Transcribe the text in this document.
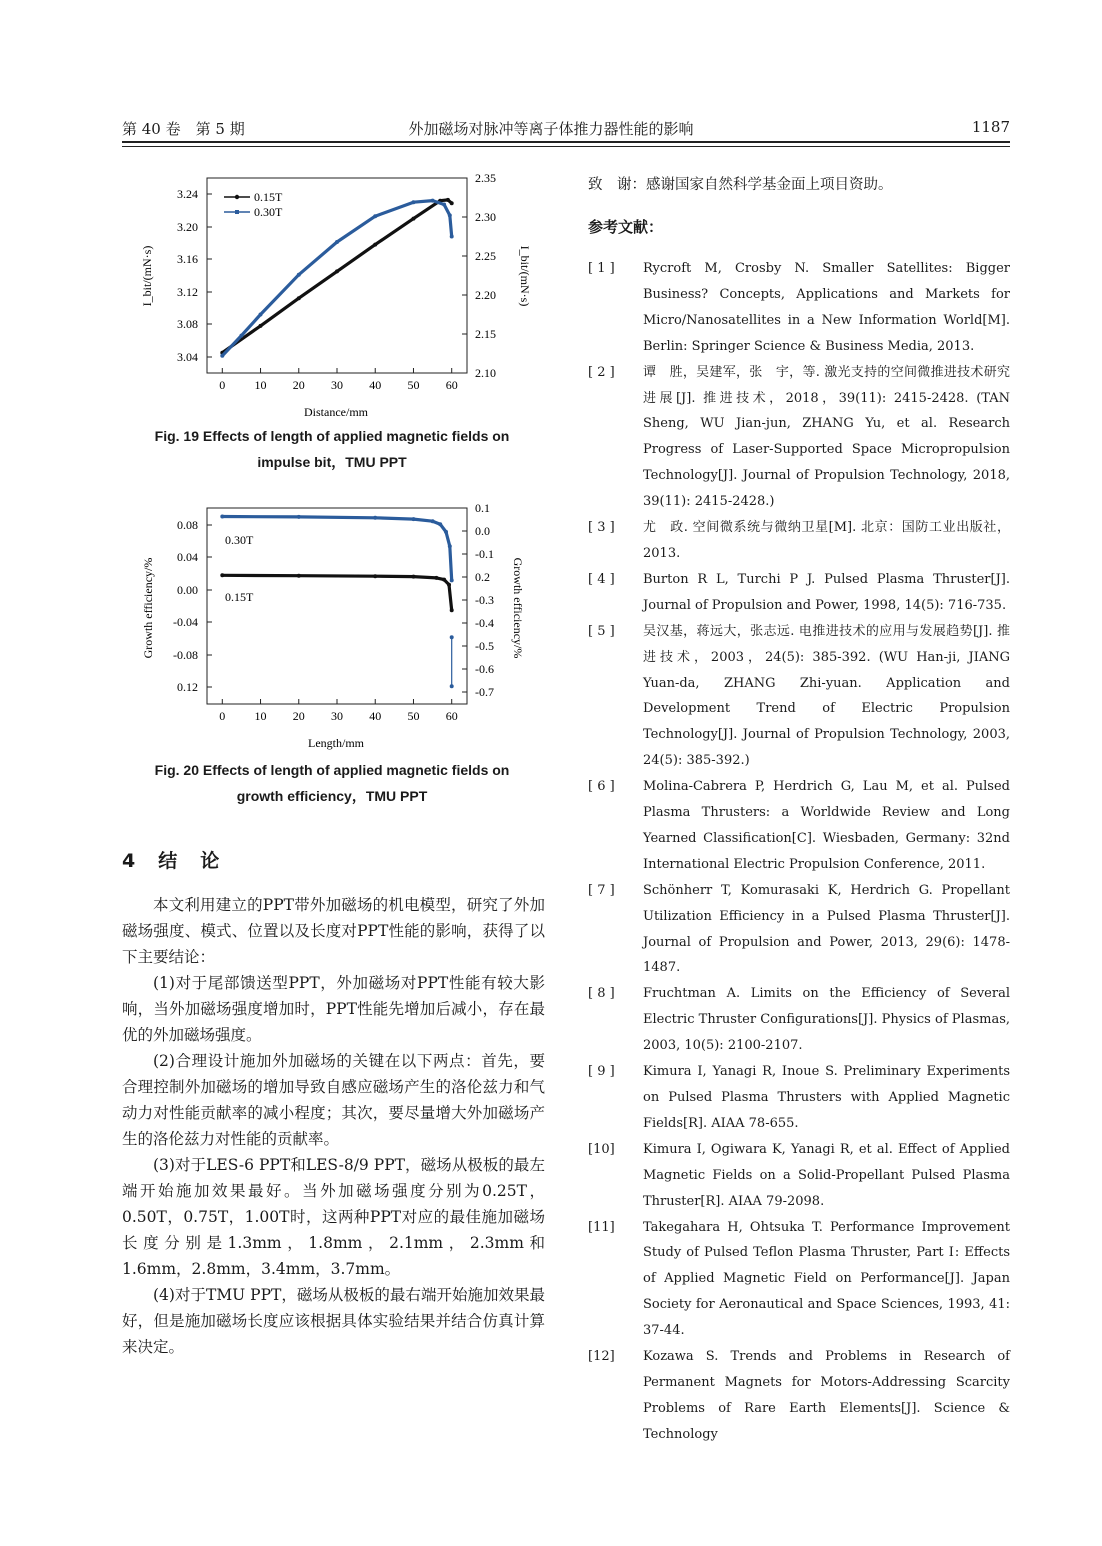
第 40 卷　第 5 期	外加磁场对脉冲等离子体推力器性能的影响	1187
0 10 20 30 40 50 60
3.04
3.08
3.12
3.16
3.20
3.24
2.10
2.15
2.20
2.25
2.30
2.35
Distance/mm
I_bit/(mN·s)	I_bit/(mN·s)
0.15T
0.30T
Fig. 19 Effects of length of applied magnetic fields on
impulse bit，TMU PPT
0 10 20 30 40 50 60
0.08
0.04
0.00
-0.04
-0.08
0.12
0.1
0.0
-0.1
0.2
-0.3
-0.4
-0.5
-0.6
-0.7
0.30T
0.15T
Length/mm
Growth efficiency/%	Growth efficiency/%
Fig. 20 Effects of length of applied magnetic fields on
growth efficiency，TMU PPT
4　结　论

本文利用建立的PPT带外加磁场的机电模型，研究了外加磁场强度、模式、位置以及长度对PPT性能的影响，获得了以下主要结论：

(1)对于尾部馈送型PPT，外加磁场对PPT性能有较大影响，当外加磁场强度增加时，PPT性能先增加后减小，存在最优的外加磁场强度。

(2)合理设计施加外加磁场的关键在以下两点：首先，要合理控制外加磁场的增加导致自感应磁场产生的洛伦兹力和气动力对性能贡献率的减小程度；其次，要尽量增大外加磁场产生的洛伦兹力对性能的贡献率。

(3)对于LES-6 PPT和LES-8/9 PPT，磁场从极板的最左端开始施加效果最好。当外加磁场强度分别为0.25T，0.50T，0.75T，1.00T时，这两种PPT对应的最佳施加磁场长度分别是1.3mm，1.8mm，2.1mm，2.3mm和1.6mm，2.8mm，3.4mm，3.7mm。

(4)对于TMU PPT，磁场从极板的最右端开始施加效果最好，但是施加磁场长度应该根据具体实验结果并结合仿真计算来决定。

致　谢：感谢国家自然科学基金面上项目资助。
参考文献：
[ 1 ]	Rycroft M, Crosby N. Smaller Satellites: Bigger Business? Concepts, Applications and Markets for Micro/Nanosatellites in a New Information World[M]. Berlin: Springer Science & Business Media, 2013.
[ 2 ]	谭　胜，吴建军，张　宇，等. 激光支持的空间微推进技术研究进展[J]. 推进技术，2018，39(11): 2415-2428. (TAN Sheng, WU Jian-jun, ZHANG Yu, et al. Research Progress of Laser-Supported Space Micropropulsion Technology[J]. Journal of Propulsion Technology, 2018, 39(11): 2415-2428.)
[ 3 ]	尤　政. 空间微系统与微纳卫星[M]. 北京：国防工业出版社，2013.
[ 4 ]	Burton R L, Turchi P J. Pulsed Plasma Thruster[J]. Journal of Propulsion and Power, 1998, 14(5): 716-735.
[ 5 ]	吴汉基，蒋远大，张志远. 电推进技术的应用与发展趋势[J]. 推进技术，2003，24(5): 385-392. (WU Han-ji, JIANG Yuan-da, ZHANG Zhi-yuan. Application and Development Trend of Electric Propulsion Technology[J]. Journal of Propulsion Technology, 2003, 24(5): 385-392.)
[ 6 ]	Molina-Cabrera P, Herdrich G, Lau M, et al. Pulsed Plasma Thrusters: a Worldwide Review and Long Yearned Classification[C]. Wiesbaden, Germany: 32nd International Electric Propulsion Conference, 2011.
[ 7 ]	Schönherr T, Komurasaki K, Herdrich G. Propellant Utilization Efficiency in a Pulsed Plasma Thruster[J]. Journal of Propulsion and Power, 2013, 29(6): 1478-1487.
[ 8 ]	Fruchtman A. Limits on the Efficiency of Several Electric Thruster Configurations[J]. Physics of Plasmas, 2003, 10(5): 2100-2107.
[ 9 ]	Kimura I, Yanagi R, Inoue S. Preliminary Experiments on Pulsed Plasma Thrusters with Applied Magnetic Fields[R]. AIAA 78-655.
[10]	Kimura I, Ogiwara K, Yanagi R, et al. Effect of Applied Magnetic Fields on a Solid-Propellant Pulsed Plasma Thruster[R]. AIAA 79-2098.
[11]	Takegahara H, Ohtsuka T. Performance Improvement Study of Pulsed Teflon Plasma Thruster, Part Ⅰ: Effects of Applied Magnetic Field on Performance[J]. Japan Society for Aeronautical and Space Sciences, 1993, 41: 37-44.
[12]	Kozawa S. Trends and Problems in Research of Permanent Magnets for Motors-Addressing Scarcity Problems of Rare Earth Elements[J]. Science & Technology
